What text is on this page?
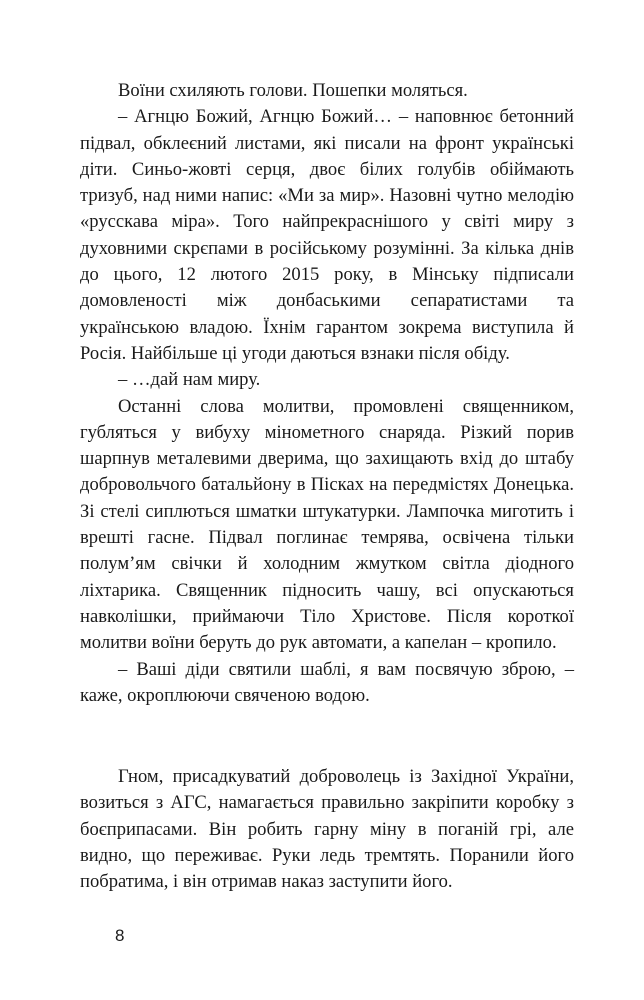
Воїни схиляють голови. Пошепки моляться.

– Агнцю Божий, Агнцю Божий… – наповнює бетонний підвал, обклеєний листами, які писали на фронт українські діти. Синьо-жовті серця, двоє білих голубів обіймають тризуб, над ними напис: «Ми за мир». Назовні чутно мелодію «русскава міра». Того найпрекраснішого у світі миру з духовними скрєпами в російському розумінні. За кілька днів до цього, 12 лютого 2015 року, в Мінську підписали домовленості між донбаськими сепаратистами та українською владою. Їхнім гарантом зокрема виступила й Росія. Найбільше ці угоди даються взнаки після обіду.

– …дай нам миру.

Останні слова молитви, промовлені священником, губляться у вибуху мінометного снаряда. Різкий порив шарпнув металевими дверима, що захищають вхід до штабу добровольчого батальйону в Пісках на передмістях Донецька. Зі стелі сиплються шматки штукатурки. Лампочка миготить і врешті гасне. Підвал поглинає темрява, освічена тільки полум’ям свічки й холодним жмутком світла діодного ліхтарика. Священник підносить чашу, всі опускаються навколішки, приймаючи Тіло Христове. Після короткої молитви воїни беруть до рук автомати, а капелан – кропило.

– Ваші діди святили шаблі, я вам посвячую зброю, – каже, окроплюючи свяченою водою.

Гном, присадкуватий доброволець із Західної України, возиться з АГС, намагається правильно закріпити коробку з боєприпасами. Він робить гарну міну в поганій грі, але видно, що переживає. Руки ледь тремтять. Поранили його побратима, і він отримав наказ заступити його.

8
